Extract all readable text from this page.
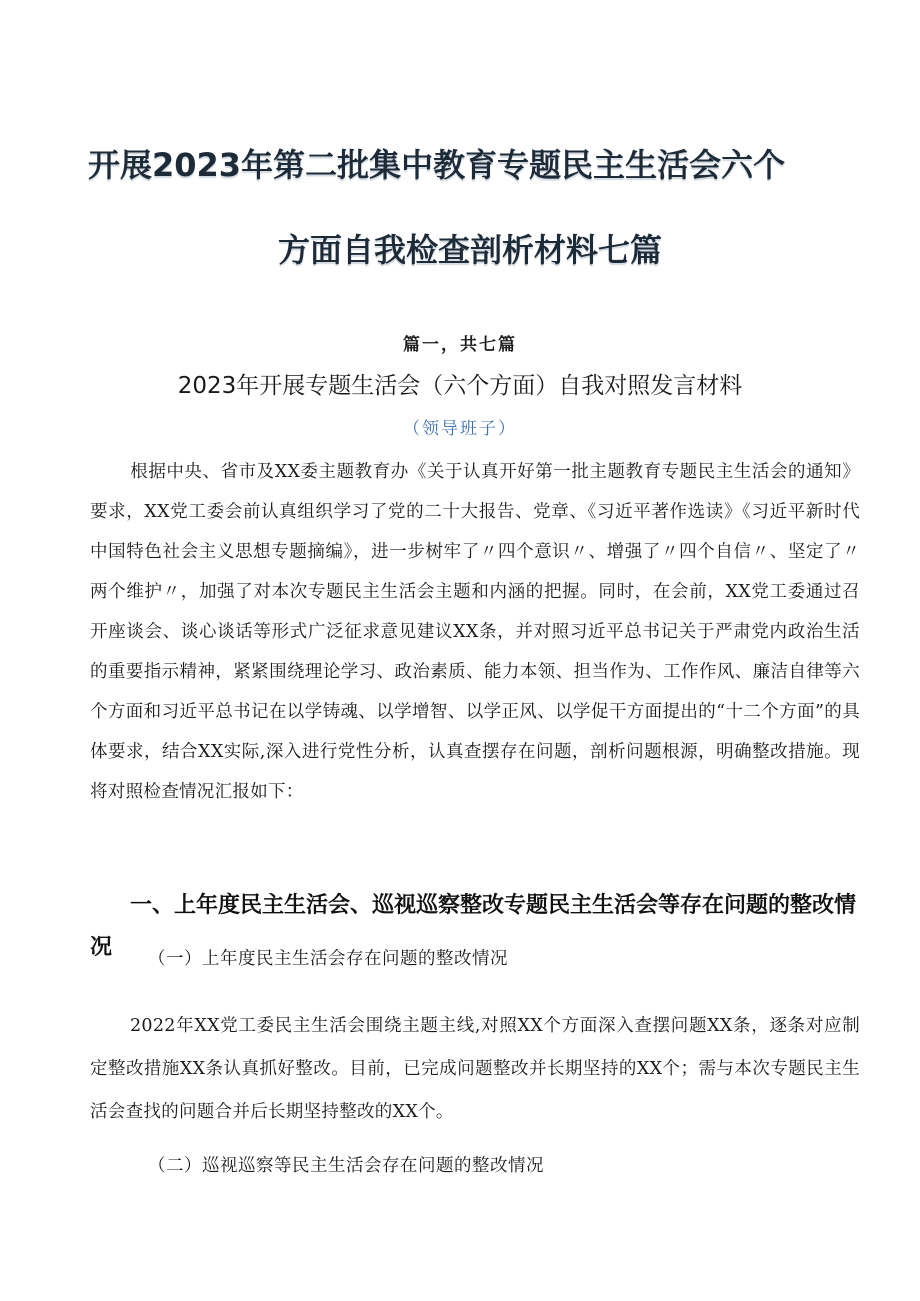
开展2023年第二批集中教育专题民主生活会六个
方面自我检查剖析材料七篇
篇一，共七篇
2023年开展专题生活会（六个方面）自我对照发言材料
（领导班子）
根据中央、省市及XX委主题教育办《关于认真开好第一批主题教育专题民主生活会的通知》要求，XX党工委会前认真组织学习了党的二十大报告、党章、《习近平著作选读》《习近平新时代中国特色社会主义思想专题摘编》，进一步树牢了〃四个意识〃、增强了〃四个自信〃、坚定了〃两个维护〃，加强了对本次专题民主生活会主题和内涵的把握。同时，在会前，XX党工委通过召开座谈会、谈心谈话等形式广泛征求意见建议XX条，并对照习近平总书记关于严肃党内政治生活的重要指示精神，紧紧围绕理论学习、政治素质、能力本领、担当作为、工作作风、廉洁自律等六个方面和习近平总书记在以学铸魂、以学增智、以学正风、以学促干方面提出的“十二个方面”的具体要求，结合XX实际,深入进行党性分析，认真查摆存在问题，剖析问题根源，明确整改措施。现将对照检查情况汇报如下：
一、上年度民主生活会、巡视巡察整改专题民主生活会等存在问题的整改情况	（一）上年度民主生活会存在问题的整改情况
2022年XX党工委民主生活会围绕主题主线,对照XX个方面深入查摆问题XX条，逐条对应制定整改措施XX条认真抓好整改。目前，已完成问题整改并长期坚持的XX个；需与本次专题民主生活会查找的问题合并后长期坚持整改的XX个。
（二）巡视巡察等民主生活会存在问题的整改情况
